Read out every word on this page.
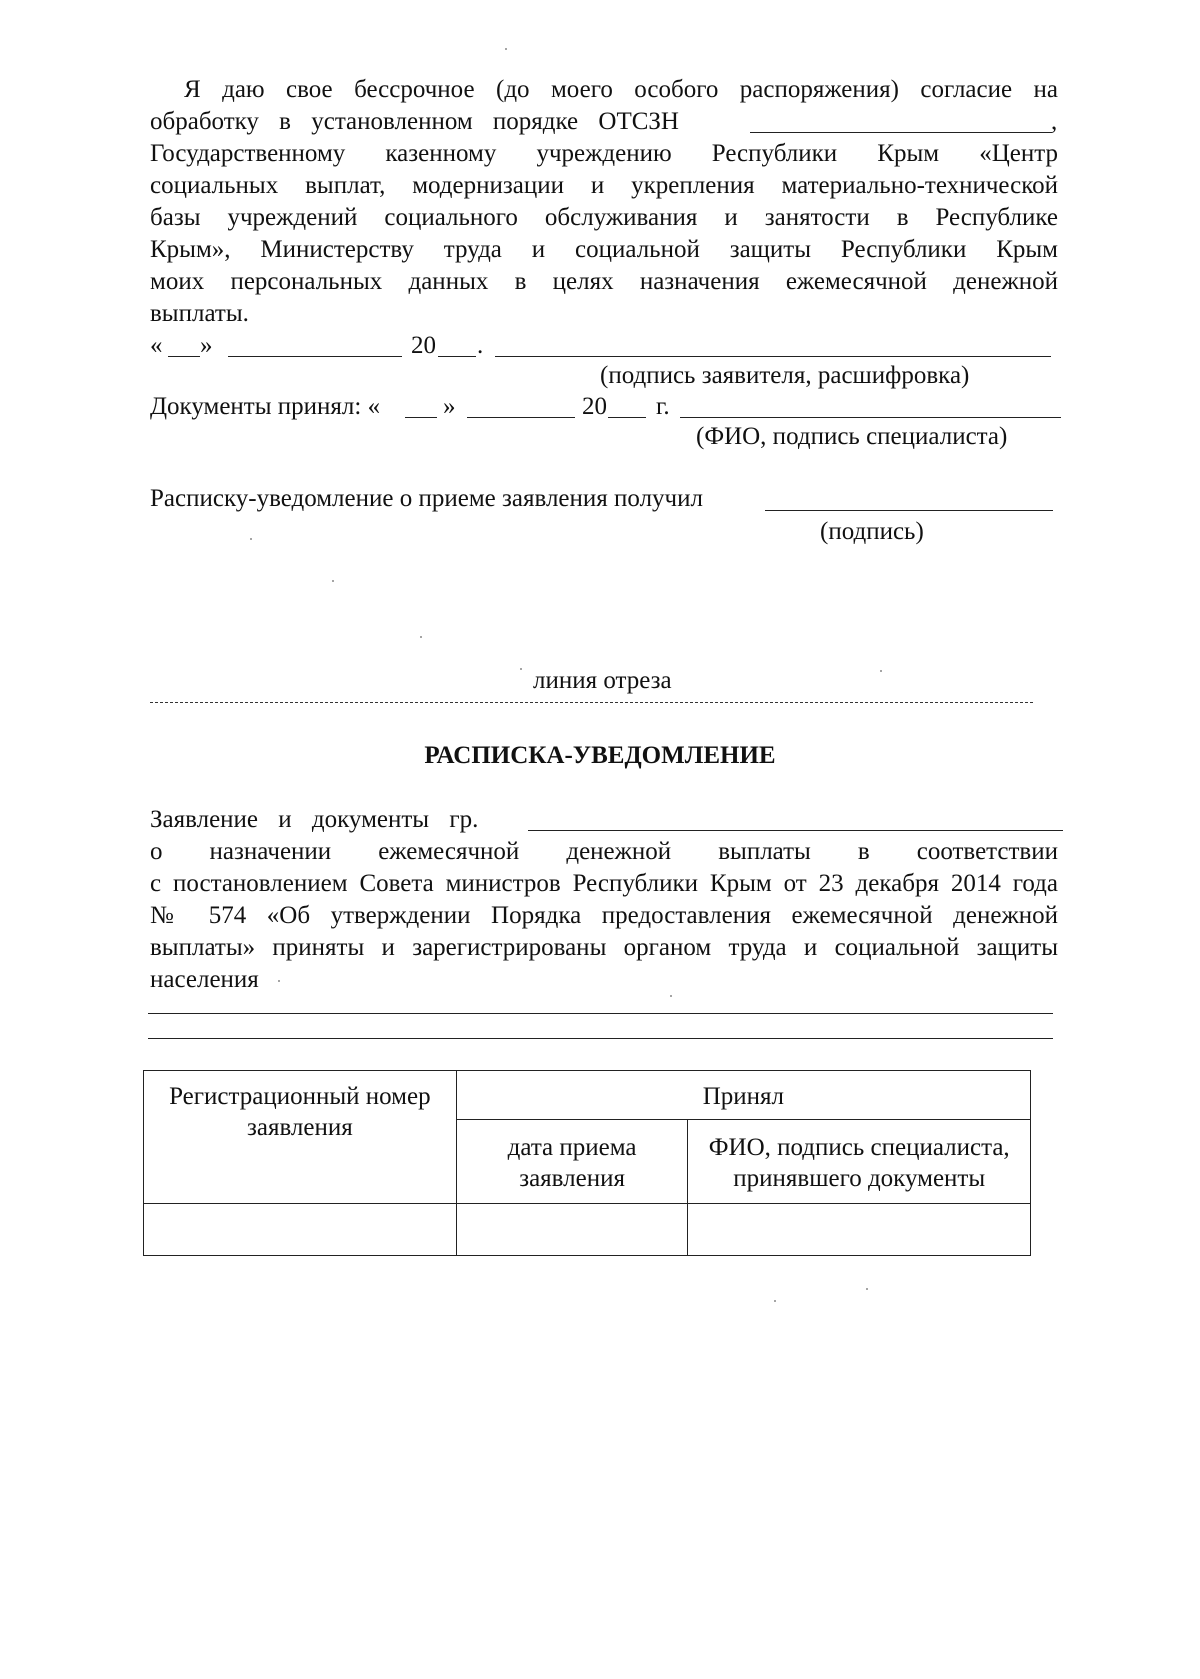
Я даю свое бессрочное (до моего особого распоряжения) согласие на
обработку в установленном порядке ОТСЗН	,
Государственному казенному учреждению Республики Крым «Центр
социальных выплат, модернизации и укрепления материально-технической
базы учреждений социального обслуживания и занятости в Республике
Крым», Министерству труда и социальной защиты Республики Крым
моих персональных данных в целях назначения ежемесячной денежной
выплаты.
« »	20 .
(подпись заявителя, расшифровка)
Документы принял: «	»	20 г.
(ФИО, подпись специалиста)
Расписку-уведомление о приеме заявления получил
(подпись)
линия отреза
РАСПИСКА-УВЕДОМЛЕНИЕ
Заявление и документы гр.
о назначении ежемесячной денежной выплаты в соответствии
с постановлением Совета министров Республики Крым от 23 декабря 2014 года
№ 574 «Об утверждении Порядка предоставления ежемесячной денежной
выплаты» приняты и зарегистрированы органом труда и социальной защиты
населения
Регистрационный номер заявления	Принял	
	дата приема заявления	ФИО, подпись специалиста, принявшего документы
